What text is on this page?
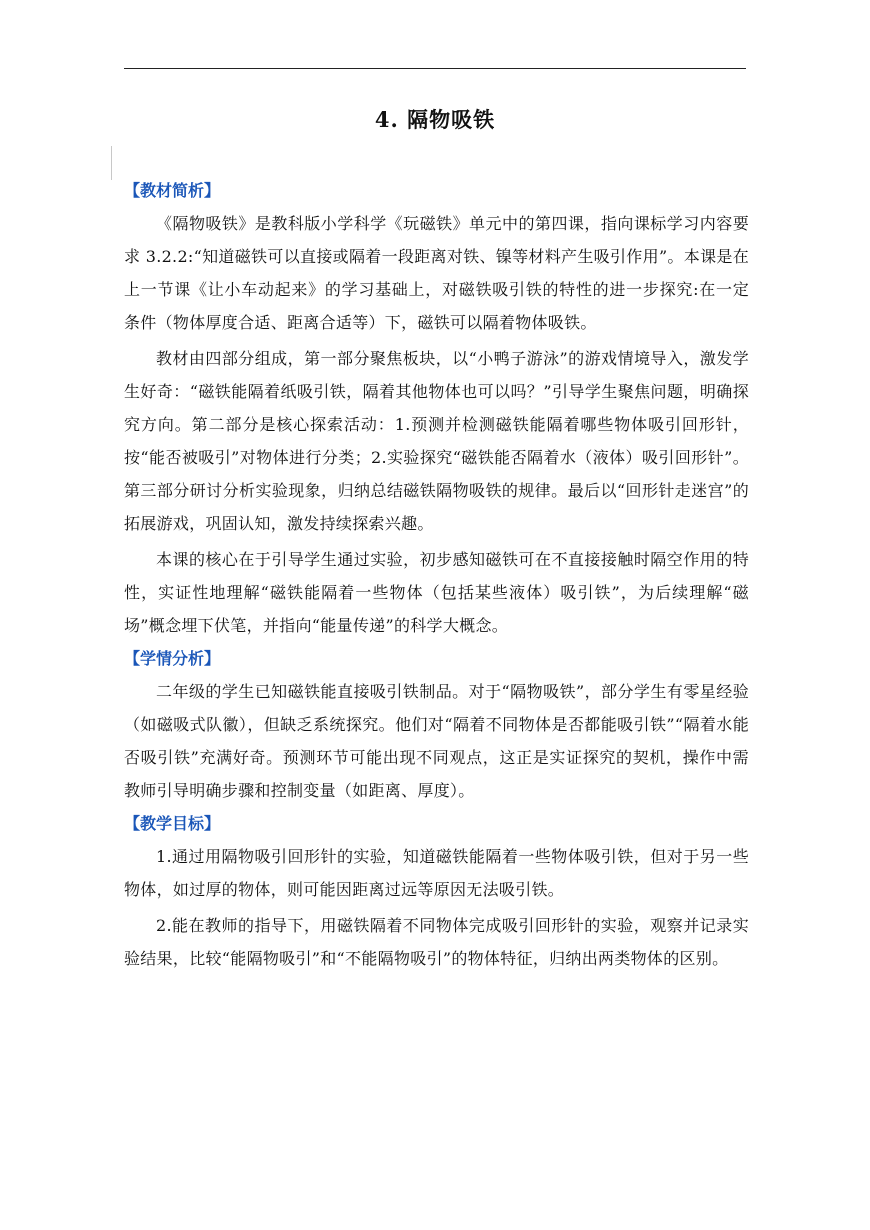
4. 隔物吸铁

【教材简析】

《隔物吸铁》是教科版小学科学《玩磁铁》单元中的第四课，指向课标学习内容要求 3.2.2:“知道磁铁可以直接或隔着一段距离对铁、镍等材料产生吸引作用”。本课是在上一节课《让小车动起来》的学习基础上，对磁铁吸引铁的特性的进一步探究:在一定条件（物体厚度合适、距离合适等）下，磁铁可以隔着物体吸铁。

教材由四部分组成，第一部分聚焦板块，以“小鸭子游泳”的游戏情境导入，激发学生好奇：“磁铁能隔着纸吸引铁，隔着其他物体也可以吗？”引导学生聚焦问题，明确探究方向。第二部分是核心探索活动：1.预测并检测磁铁能隔着哪些物体吸引回形针，按“能否被吸引”对物体进行分类；2.实验探究“磁铁能否隔着水（液体）吸引回形针”。第三部分研讨分析实验现象，归纳总结磁铁隔物吸铁的规律。最后以“回形针走迷宫”的拓展游戏，巩固认知，激发持续探索兴趣。

本课的核心在于引导学生通过实验，初步感知磁铁可在不直接接触时隔空作用的特性，实证性地理解“磁铁能隔着一些物体（包括某些液体）吸引铁”，为后续理解“磁场”概念埋下伏笔，并指向“能量传递”的科学大概念。

【学情分析】

二年级的学生已知磁铁能直接吸引铁制品。对于“隔物吸铁”，部分学生有零星经验（如磁吸式队徽），但缺乏系统探究。他们对“隔着不同物体是否都能吸引铁”“隔着水能否吸引铁”充满好奇。预测环节可能出现不同观点，这正是实证探究的契机，操作中需教师引导明确步骤和控制变量（如距离、厚度）。

【教学目标】

1.通过用隔物吸引回形针的实验，知道磁铁能隔着一些物体吸引铁，但对于另一些物体，如过厚的物体，则可能因距离过远等原因无法吸引铁。

2.能在教师的指导下，用磁铁隔着不同物体完成吸引回形针的实验，观察并记录实验结果，比较“能隔物吸引”和“不能隔物吸引”的物体特征，归纳出两类物体的区别。
